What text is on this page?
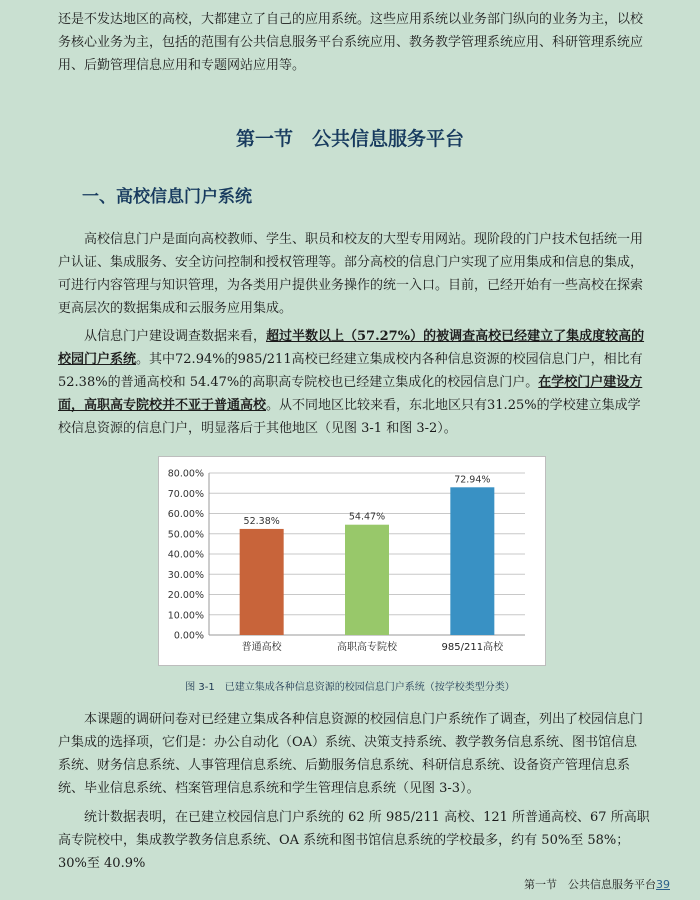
还是不发达地区的高校，大都建立了自己的应用系统。这些应用系统以业务部门纵向的业务为主，以校务核心业务为主，包括的范围有公共信息服务平台系统应用、教务教学管理系统应用、科研管理系统应用、后勤管理信息应用和专题网站应用等。

第一节　公共信息服务平台
一、高校信息门户系统

高校信息门户是面向高校教师、学生、职员和校友的大型专用网站。现阶段的门户技术包括统一用户认证、集成服务、安全访问控制和授权管理等。部分高校的信息门户实现了应用集成和信息的集成，可进行内容管理与知识管理，为各类用户提供业务操作的统一入口。目前，已经开始有一些高校在探索更高层次的数据集成和云服务应用集成。

从信息门户建设调查数据来看，超过半数以上（57.27%）的被调查高校已经建立了集成度较高的校园门户系统。其中72.94%的985/211高校已经建立集成校内各种信息资源的校园信息门户，相比有52.38%的普通高校和 54.47%的高职高专院校也已经建立集成化的校园信息门户。在学校门户建设方面，高职高专院校并不亚于普通高校。从不同地区比较来看，东北地区只有31.25%的学校建立集成学校信息资源的信息门户，明显落后于其他地区（见图 3-1 和图 3-2）。

0.00%
10.00%
20.00%
30.00%
40.00%
50.00%
60.00%
70.00%
80.00%
52.38%
普通高校
54.47%
高职高专院校
72.94%
985/211高校

图 3-1　已建立集成各种信息资源的校园信息门户系统（按学校类型分类）

本课题的调研问卷对已经建立集成各种信息资源的校园信息门户系统作了调查，列出了校园信息门户集成的选择项，它们是：办公自动化（OA）系统、决策支持系统、教学教务信息系统、图书馆信息系统、财务信息系统、人事管理信息系统、后勤服务信息系统、科研信息系统、设备资产管理信息系统、毕业信息系统、档案管理信息系统和学生管理信息系统（见图 3-3）。

统计数据表明，在已建立校园信息门户系统的 62 所 985/211 高校、121 所普通高校、67 所高职高专院校中，集成教学教务信息系统、OA 系统和图书馆信息系统的学校最多，约有 50%至 58%；30%至 40.9%

第一节　公共信息服务平台39
